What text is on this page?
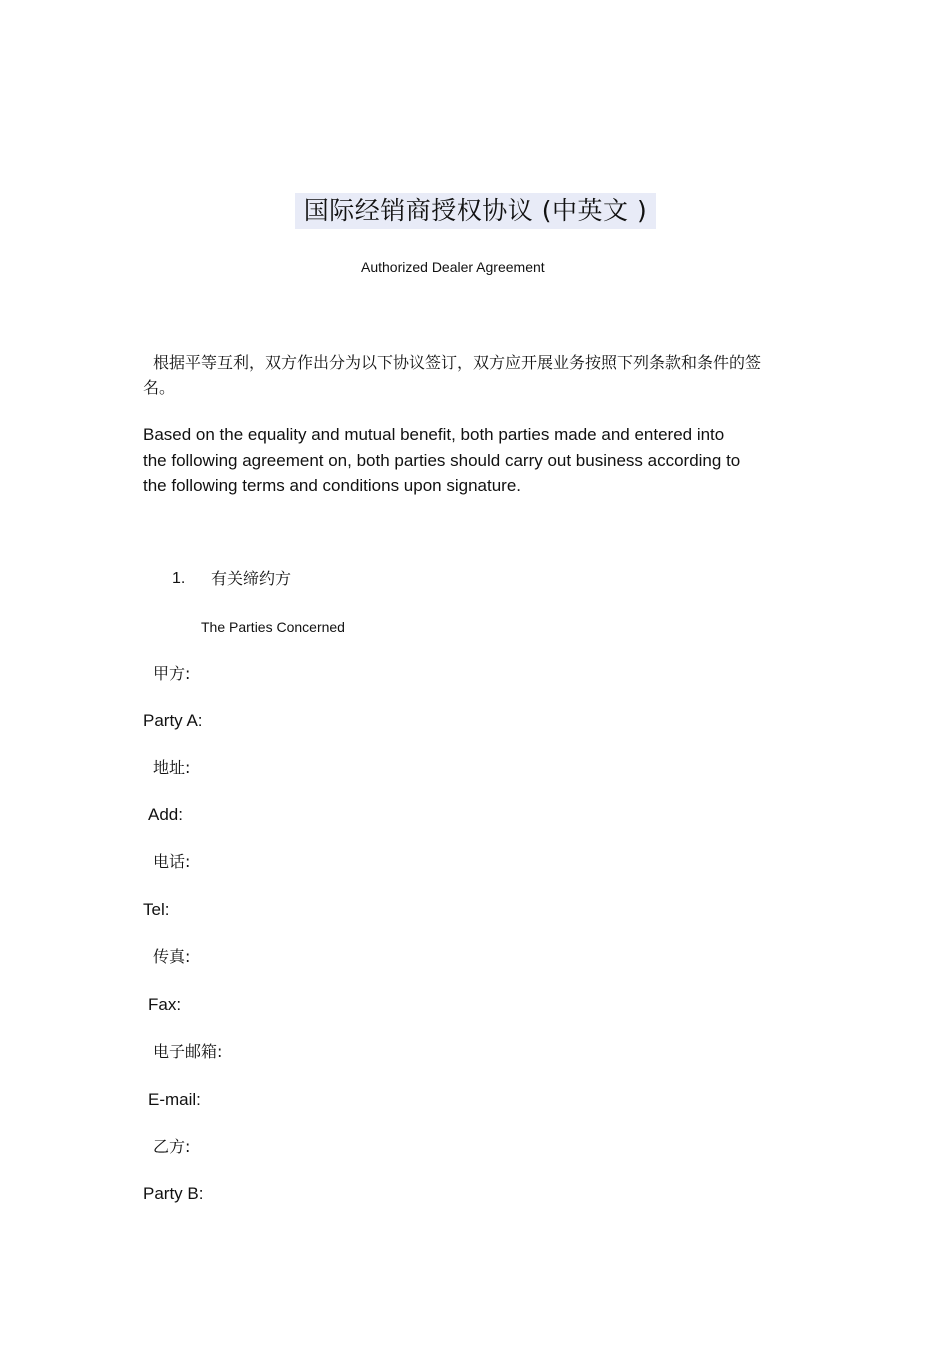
国际经销商授权协议 (中英文 )
Authorized Dealer Agreement
根据平等互利，双方作出分为以下协议签订，双方应开展业务按照下列条款和条件的签名。
Based on the equality and mutual benefit, both parties made and entered into the following agreement on, both parties should carry out business according to the following terms and conditions upon signature.
1. 有关缔约方
The Parties Concerned
甲方:
Party A:
地址:
Add:
电话:
Tel:
传真:
Fax:
电子邮箱:
E-mail:
乙方:
Party B:
